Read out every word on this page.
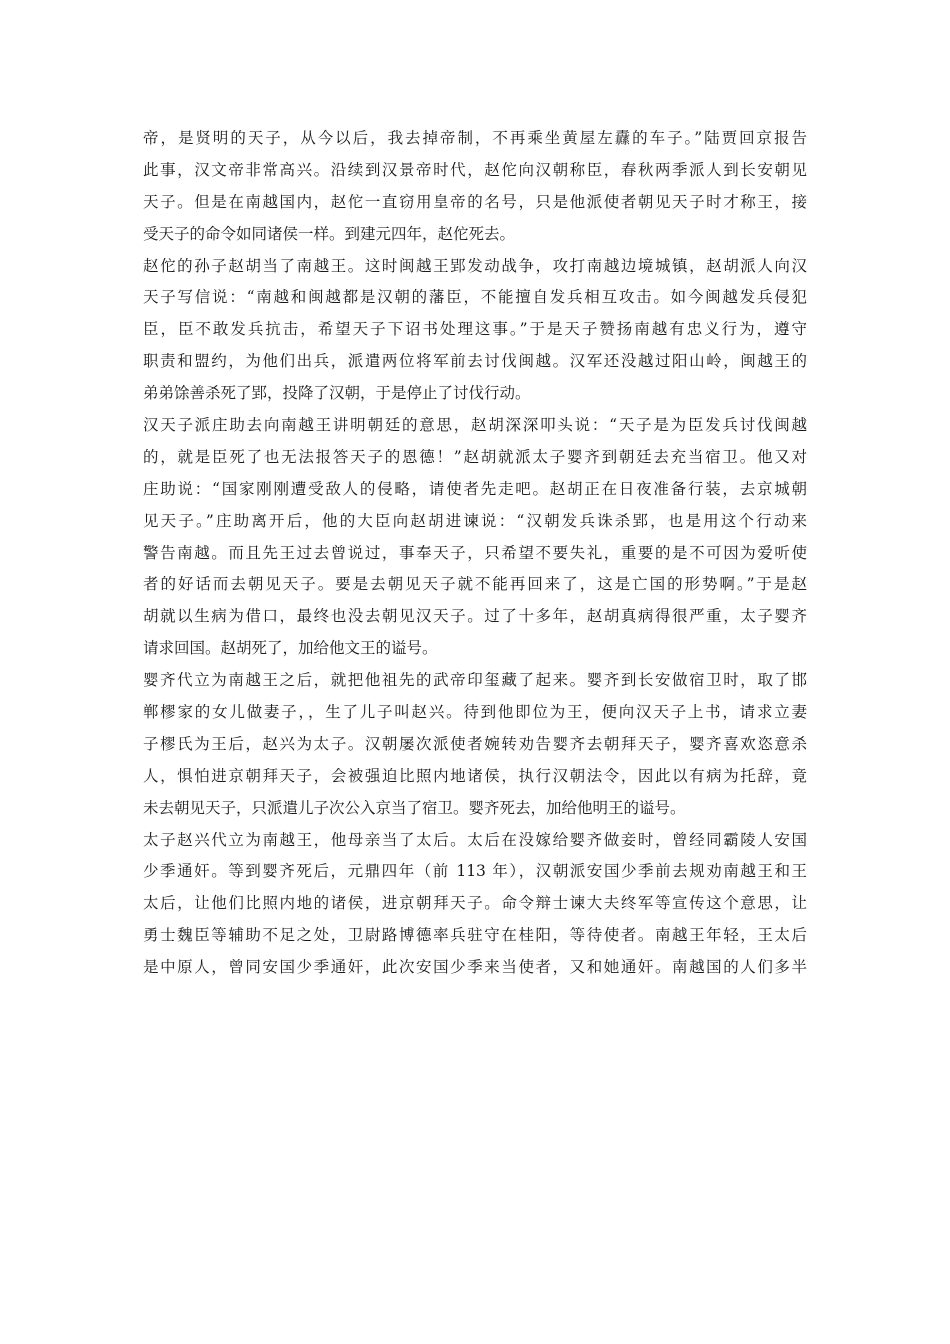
帝，是贤明的天子，从今以后，我去掉帝制，不再乘坐黄屋左纛的车子。”陆贾回京报告
此事，汉文帝非常高兴。沿续到汉景帝时代，赵佗向汉朝称臣，春秋两季派人到长安朝见
天子。但是在南越国内，赵佗一直窃用皇帝的名号，只是他派使者朝见天子时才称王，接
受天子的命令如同诸侯一样。到建元四年，赵佗死去。
赵佗的孙子赵胡当了南越王。这时闽越王郢发动战争，攻打南越边境城镇，赵胡派人向汉
天子写信说：“南越和闽越都是汉朝的藩臣，不能擅自发兵相互攻击。如今闽越发兵侵犯
臣，臣不敢发兵抗击，希望天子下诏书处理这事。”于是天子赞扬南越有忠义行为，遵守
职责和盟约，为他们出兵，派遣两位将军前去讨伐闽越。汉军还没越过阳山岭，闽越王的
弟弟馀善杀死了郢，投降了汉朝，于是停止了讨伐行动。
汉天子派庄助去向南越王讲明朝廷的意思，赵胡深深叩头说：“天子是为臣发兵讨伐闽越
的，就是臣死了也无法报答天子的恩德！”赵胡就派太子婴齐到朝廷去充当宿卫。他又对
庄助说：“国家刚刚遭受敌人的侵略，请使者先走吧。赵胡正在日夜准备行装，去京城朝
见天子。”庄助离开后，他的大臣向赵胡进谏说：“汉朝发兵诛杀郢，也是用这个行动来
警告南越。而且先王过去曾说过，事奉天子，只希望不要失礼，重要的是不可因为爱听使
者的好话而去朝见天子。要是去朝见天子就不能再回来了，这是亡国的形势啊。”于是赵
胡就以生病为借口，最终也没去朝见汉天子。过了十多年，赵胡真病得很严重，太子婴齐
请求回国。赵胡死了，加给他文王的谥号。
婴齐代立为南越王之后，就把他祖先的武帝印玺藏了起来。婴齐到长安做宿卫时，取了邯
郸樛家的女儿做妻子，，生了儿子叫赵兴。待到他即位为王，便向汉天子上书，请求立妻
子樛氏为王后，赵兴为太子。汉朝屡次派使者婉转劝告婴齐去朝拜天子，婴齐喜欢恣意杀
人，惧怕进京朝拜天子，会被强迫比照内地诸侯，执行汉朝法令，因此以有病为托辞，竟
未去朝见天子，只派遣儿子次公入京当了宿卫。婴齐死去，加给他明王的谥号。
太子赵兴代立为南越王，他母亲当了太后。太后在没嫁给婴齐做妾时，曾经同霸陵人安国
少季通奸。等到婴齐死后，元鼎四年（前 113 年），汉朝派安国少季前去规劝南越王和王
太后，让他们比照内地的诸侯，进京朝拜天子。命令辩士谏大夫终军等宣传这个意思，让
勇士魏臣等辅助不足之处，卫尉路博德率兵驻守在桂阳，等待使者。南越王年轻，王太后
是中原人，曾同安国少季通奸，此次安国少季来当使者，又和她通奸。南越国的人们多半
